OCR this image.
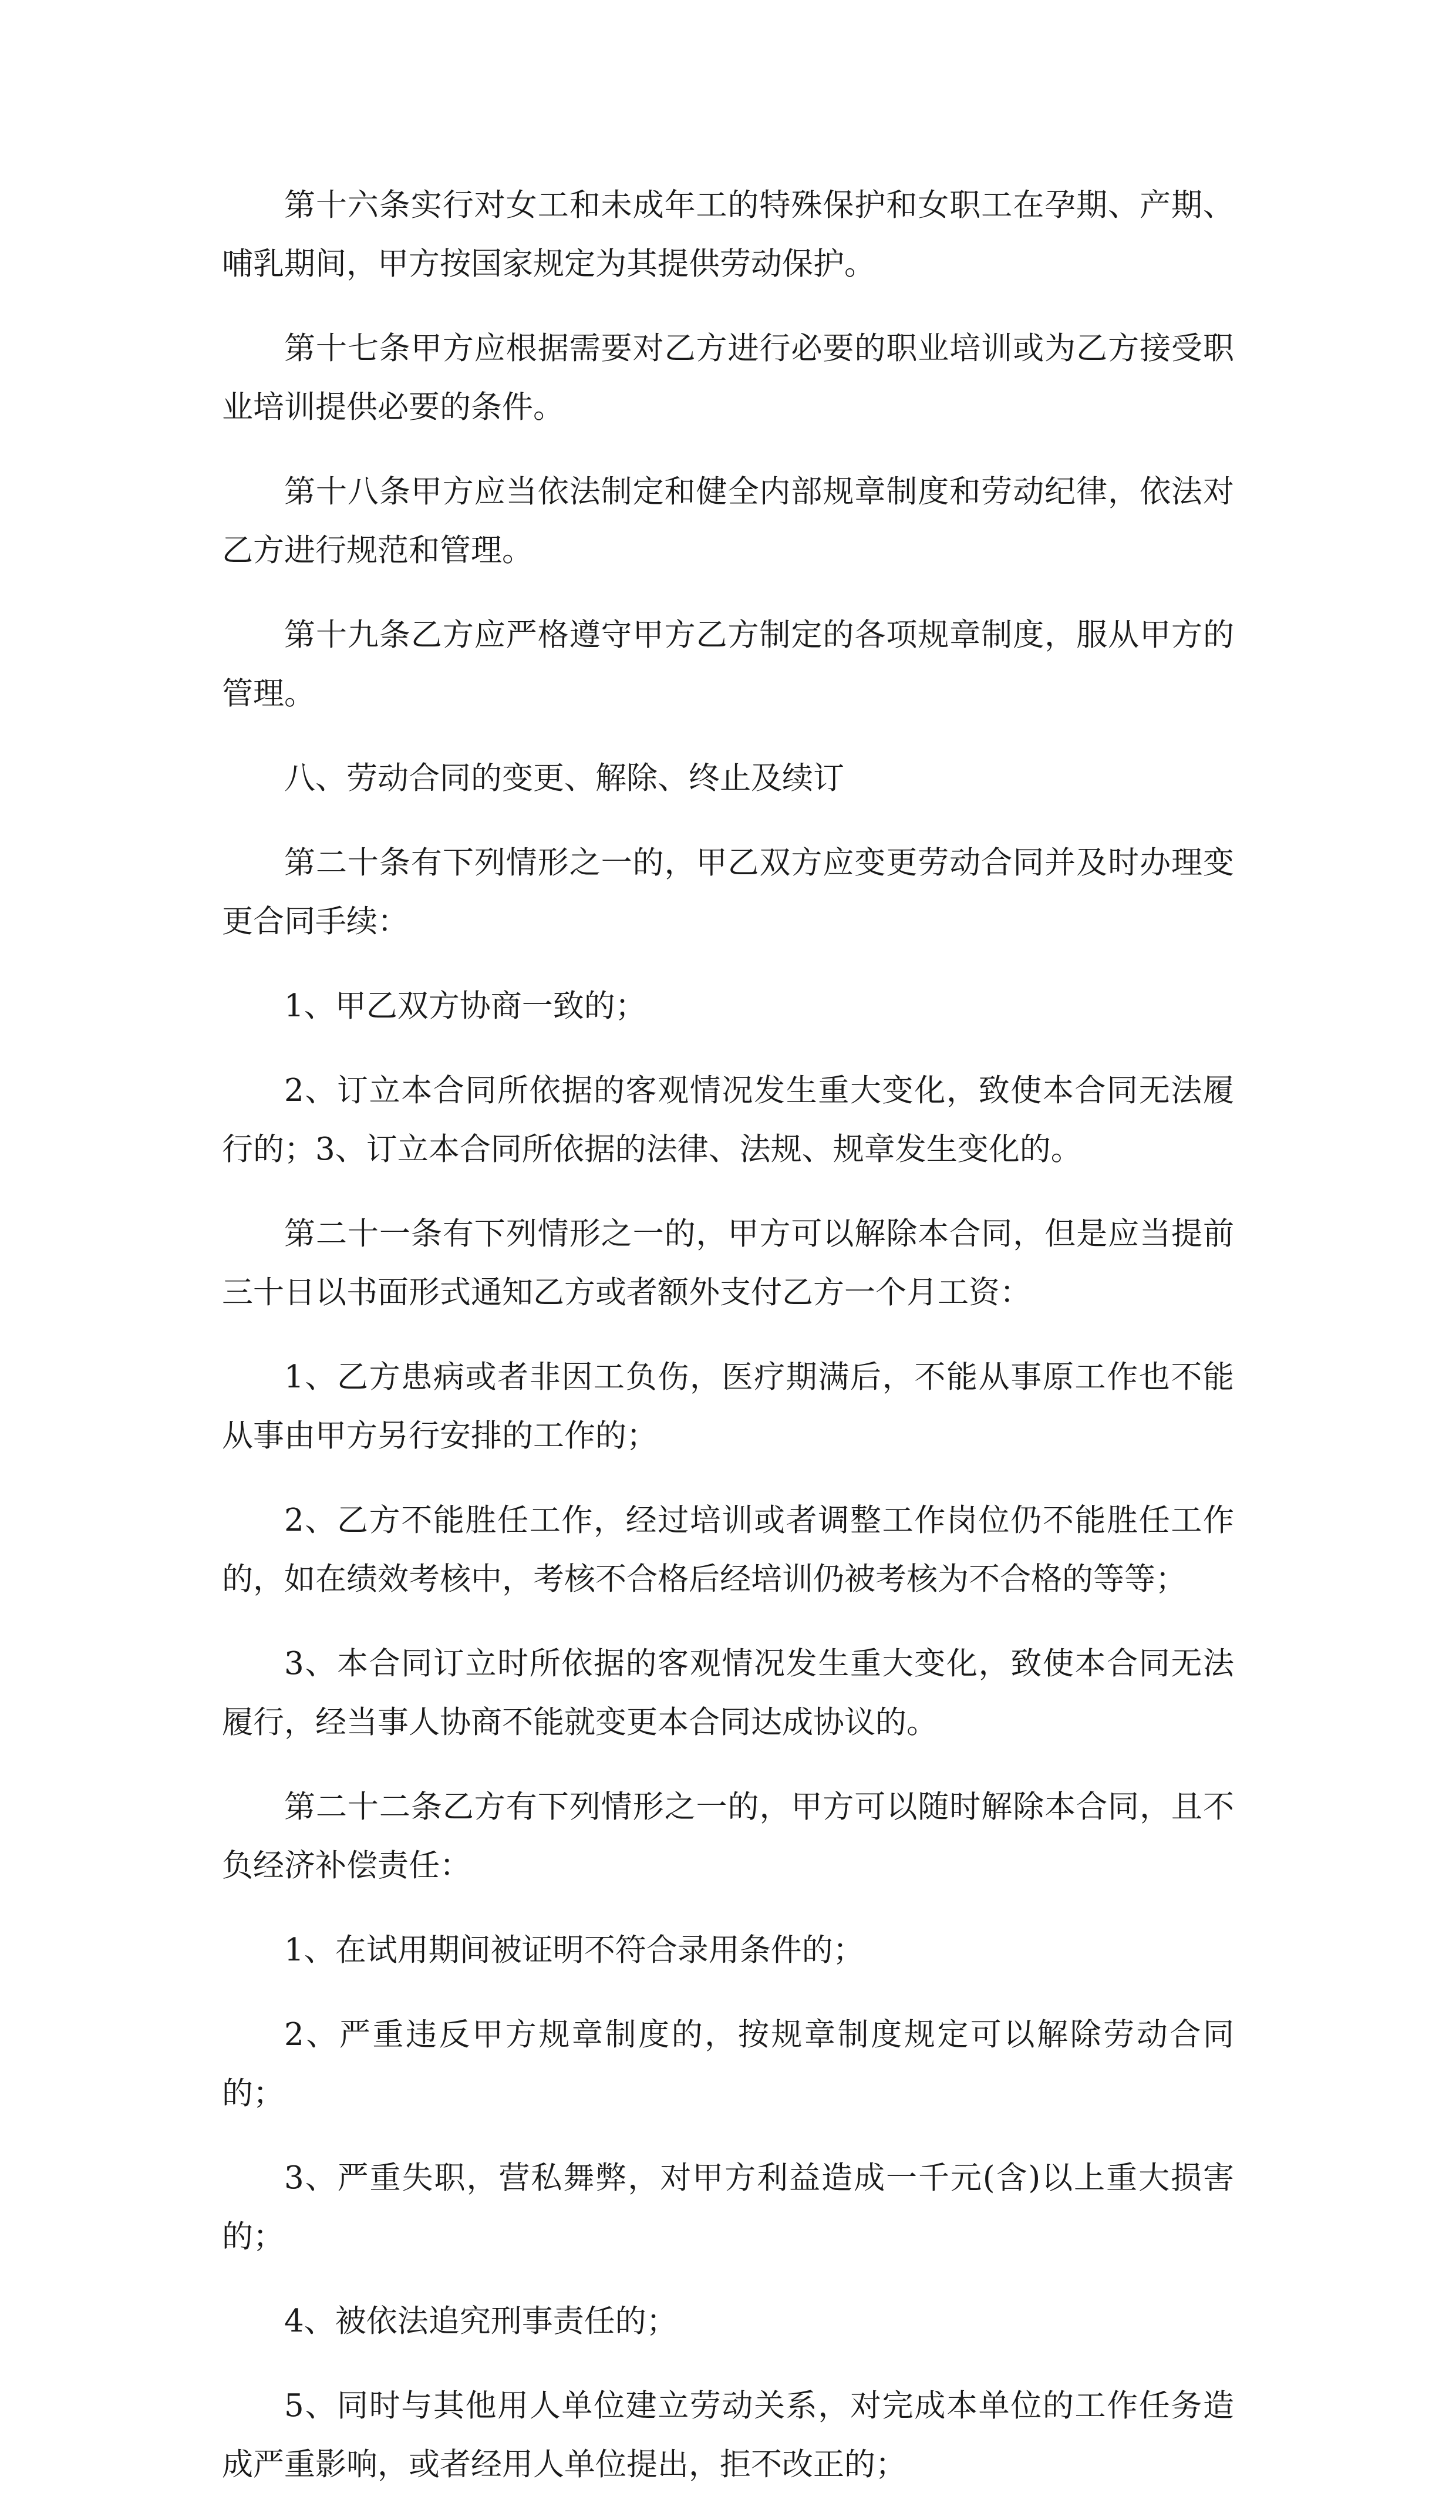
第十六条实行对女工和未成年工的特殊保护和女职工在孕期、产期、哺乳期间，甲方按国家规定为其提供劳动保护。

第十七条甲方应根据需要对乙方进行必要的职业培训或为乙方接受职业培训提供必要的条件。

第十八条甲方应当依法制定和健全内部规章制度和劳动纪律，依法对乙方进行规范和管理。

第十九条乙方应严格遵守甲方乙方制定的各项规章制度，服从甲方的管理。

八、劳动合同的变更、解除、终止及续订

第二十条有下列情形之一的，甲乙双方应变更劳动合同并及时办理变更合同手续：

1、甲乙双方协商一致的；

2、订立本合同所依据的客观情况发生重大变化，致使本合同无法履行的；3、订立本合同所依据的法律、法规、规章发生变化的。

第二十一条有下列情形之一的，甲方可以解除本合同，但是应当提前三十日以书面形式通知乙方或者额外支付乙方一个月工资：

1、乙方患病或者非因工负伤，医疗期满后，不能从事原工作也不能从事由甲方另行安排的工作的；

2、乙方不能胜任工作，经过培训或者调整工作岗位仍不能胜任工作的，如在绩效考核中，考核不合格后经培训仍被考核为不合格的等等；

3、本合同订立时所依据的客观情况发生重大变化，致使本合同无法履行，经当事人协商不能就变更本合同达成协议的。

第二十二条乙方有下列情形之一的，甲方可以随时解除本合同，且不负经济补偿责任：

1、在试用期间被证明不符合录用条件的；

2、严重违反甲方规章制度的，按规章制度规定可以解除劳动合同的；

3、严重失职，营私舞弊，对甲方利益造成一千元(含)以上重大损害的；

4、被依法追究刑事责任的；

5、同时与其他用人单位建立劳动关系，对完成本单位的工作任务造成严重影响，或者经用人单位提出，拒不改正的；
